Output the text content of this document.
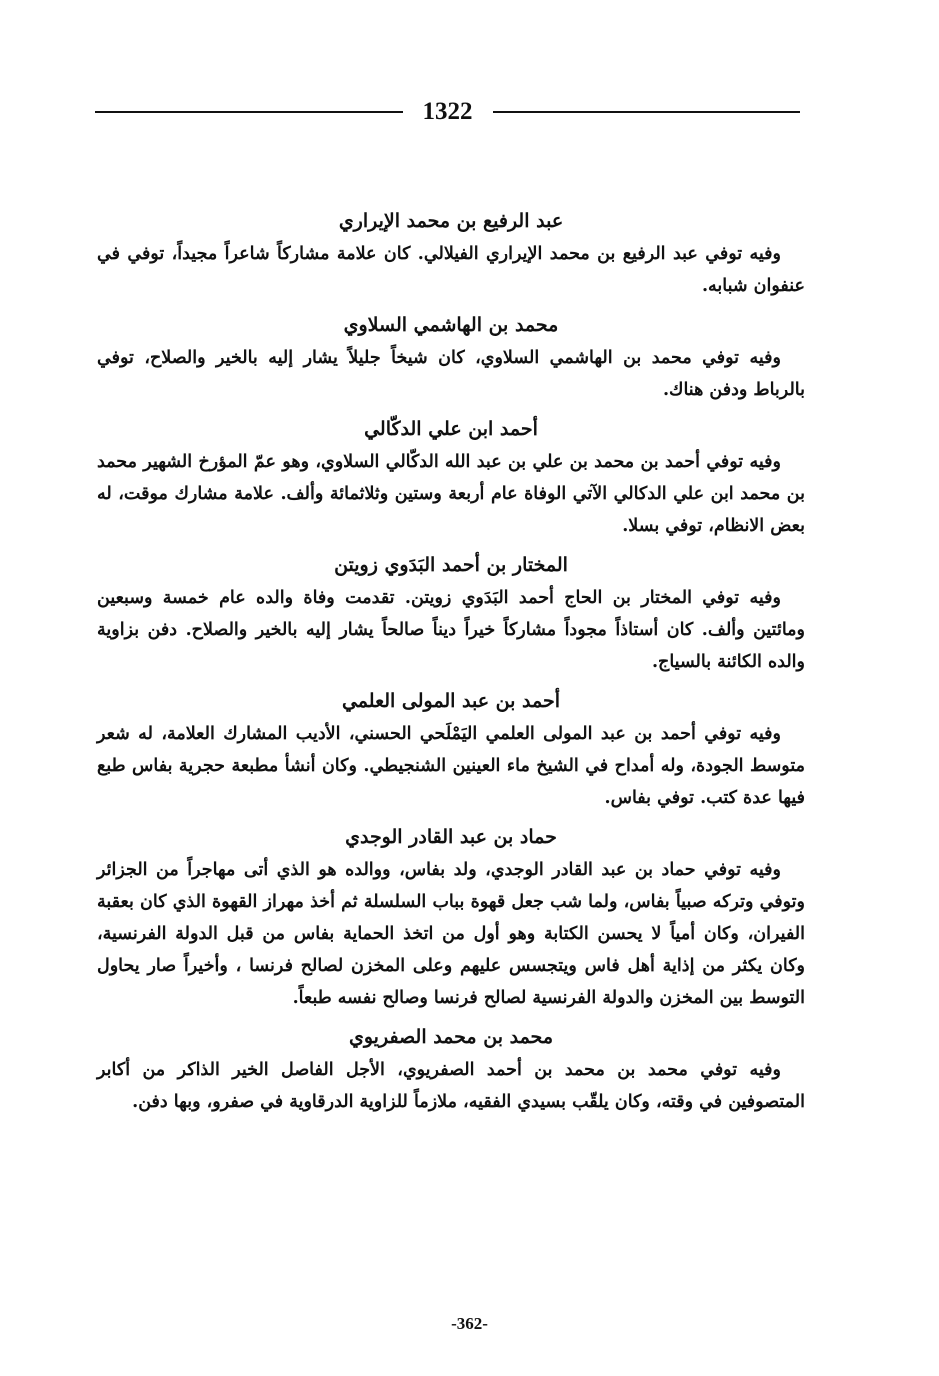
1322
عبد الرفيع بن محمد الإيراري

وفيه توفي عبد الرفيع بن محمد الإيراري الفيلالي. كان علامة مشاركاً شاعراً مجيداً، توفي في عنفوان شبابه.

محمد بن الهاشمي السلاوي

وفيه توفي محمد بن الهاشمي السلاوي، كان شيخاً جليلاً يشار إليه بالخير والصلاح، توفي بالرباط ودفن هناك.

أحمد ابن علي الدكّالي

وفيه توفي أحمد بن محمد بن علي بن عبد الله الدكّالي السلاوي، وهو عمّ المؤرخ الشهير محمد بن محمد ابن علي الدكالي الآتي الوفاة عام أربعة وستين وثلاثمائة وألف. علامة مشارك موقت، له بعض الانظام، توفي بسلا.

المختار بن أحمد البَدَوي زويتن

وفيه توفي المختار بن الحاج أحمد البَدَوي زويتن. تقدمت وفاة والده عام خمسة وسبعين ومائتين وألف. كان أستاذاً مجوداً مشاركاً خيراً ديناً صالحاً يشار إليه بالخير والصلاح. دفن بزاوية والده الكائنة بالسياج.

أحمد بن عبد المولى العلمي

وفيه توفي أحمد بن عبد المولى العلمي اليَمْلَحي الحسني، الأديب المشارك العلامة، له شعر متوسط الجودة، وله أمداح في الشيخ ماء العينين الشنجيطي. وكان أنشأ مطبعة حجرية بفاس طبع فيها عدة كتب. توفي بفاس.

حماد بن عبد القادر الوجدي

وفيه توفي حماد بن عبد القادر الوجدي، ولد بفاس، ووالده هو الذي أتى مهاجراً من الجزائر وتوفي وتركه صبياً بفاس، ولما شب جعل قهوة بباب السلسلة ثم أخذ مهراز القهوة الذي كان بعقبة الفيران، وكان أمياً لا يحسن الكتابة وهو أول من اتخذ الحماية بفاس من قبل الدولة الفرنسية، وكان يكثر من إذاية أهل فاس ويتجسس عليهم وعلى المخزن لصالح فرنسا ، وأخيراً صار يحاول التوسط بين المخزن والدولة الفرنسية لصالح فرنسا وصالح نفسه طبعاً.

محمد بن محمد الصفريوي

وفيه توفي محمد بن محمد بن أحمد الصفريوي، الأجل الفاصل الخير الذاكر من أكابر المتصوفين في وقته، وكان يلقّب بسيدي الفقيه، ملازماً للزاوية الدرقاوية في صفرو، وبها دفن.

-362-
